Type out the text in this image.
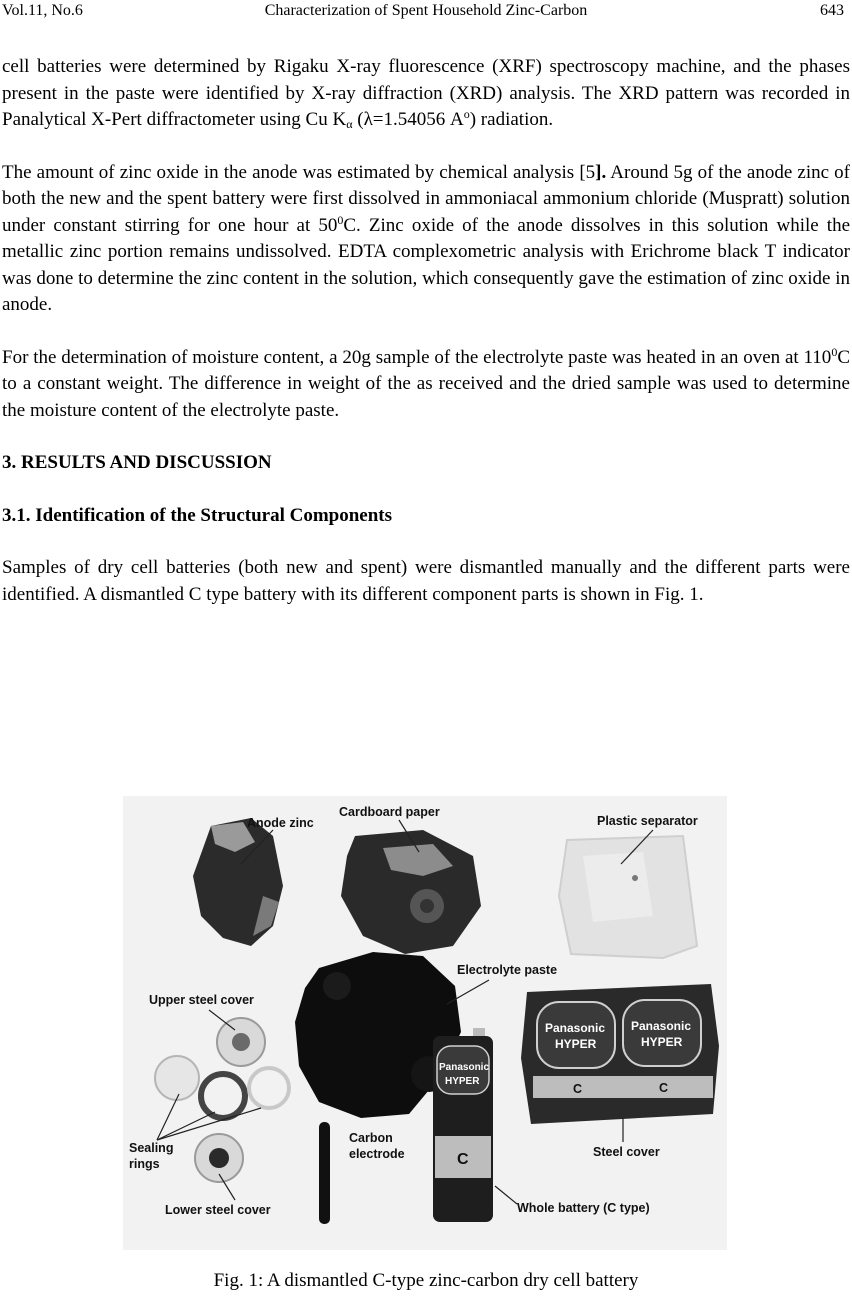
Characterization of Spent Household Zinc-Carbon
Vol.11, No.6	643

cell batteries were determined by Rigaku X-ray fluorescence (XRF) spectroscopy machine, and the phases present in the paste were identified by X-ray diffraction (XRD) analysis. The XRD pattern was recorded in Panalytical X-Pert diffractometer using Cu $K_\alpha$ (λ=1.54056 $A^o$) radiation.

The amount of zinc oxide in the anode was estimated by chemical analysis [5]. Around 5g of the anode zinc of both the new and the spent battery were first dissolved in ammoniacal ammonium chloride (Muspratt) solution under constant stirring for one hour at $50^0C$. Zinc oxide of the anode dissolves in this solution while the metallic zinc portion remains undissolved. EDTA complexometric analysis with Erichrome black T indicator was done to determine the zinc content in the solution, which consequently gave the estimation of zinc oxide in anode.

For the determination of moisture content, a 20g sample of the electrolyte paste was heated in an oven at $110^0C$ to a constant weight. The difference in weight of the as received and the dried sample was used to determine the moisture content of the electrolyte paste.

3. RESULTS AND DISCUSSION
3.1. Identification of the Structural Components

Samples of dry cell batteries (both new and spent) were dismantled manually and the different parts were identified. A dismantled C type battery with its different component parts is shown in Fig. 1.

Anode zinc
Cardboard paper
Plastic separator
Electrolyte paste
Upper steel cover
Sealing
rings
Lower steel cover
Carbon
electrode
Panasonic
HYPER
Panasonic
HYPER
C	C
Steel cover
Panasonic
HYPER
C
Whole battery (C type)
Fig. 1: A dismantled C-type zinc-carbon dry cell battery
